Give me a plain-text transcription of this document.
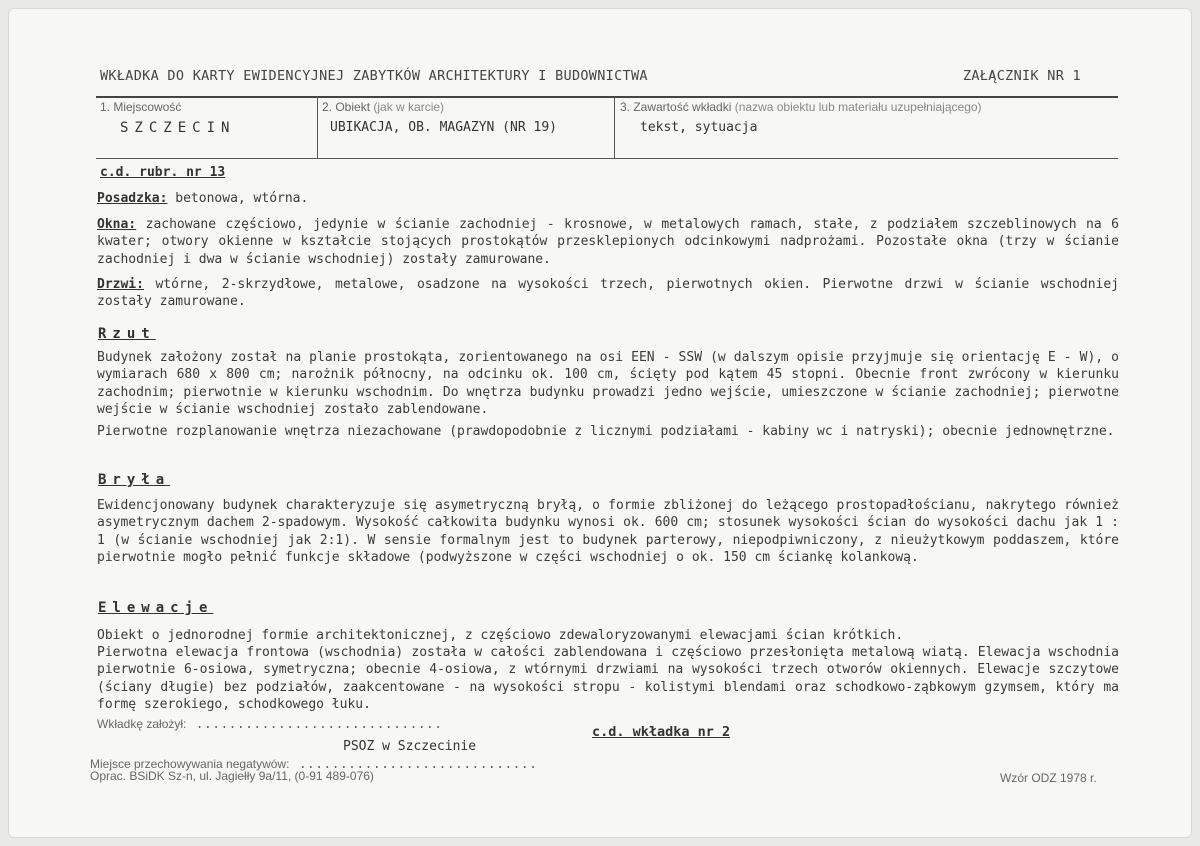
WKŁADKA DO KARTY EWIDENCYJNEJ ZABYTKÓW ARCHITEKTURY I BUDOWNICTWA	ZAŁĄCZNIK NR 1
1. Miejscowość
SZCZECIN
2. Obiekt (jak w karcie)
UBIKACJA, OB. MAGAZYN (NR 19)
3. Zawartość wkładki (nazwa obiektu lub materiału uzupełniającego)
tekst, sytuacja
c.d. rubr. nr 13
Posadzka: betonowa, wtórna.
Okna: zachowane częściowo, jedynie w ścianie zachodniej - krosnowe, w metalowych ramach, stałe, z podziałem szczeblinowych na 6 kwater; otwory okienne w kształcie stojących prostokątów przesklepionych odcinkowymi nadprożami. Pozostałe okna (trzy w ścianie zachodniej i dwa w ścianie wschodniej) zostały zamurowane.
Drzwi: wtórne, 2-skrzydłowe, metalowe, osadzone na wysokości trzech, pierwotnych okien. Pierwotne drzwi w ścianie wschodniej zostały zamurowane.
Rzut
Budynek założony został na planie prostokąta, zorientowanego na osi EEN - SSW (w dalszym opisie przyjmuje się orientację E - W), o wymiarach 680 x 800 cm; narożnik północny, na odcinku ok. 100 cm, ścięty pod kątem 45 stopni. Obecnie front zwrócony w kierunku zachodnim; pierwotnie w kierunku wschodnim. Do wnętrza budynku prowadzi jedno wejście, umieszczone w ścianie zachodniej; pierwotne wejście w ścianie wschodniej zostało zablendowane.
Pierwotne rozplanowanie wnętrza niezachowane (prawdopodobnie z licznymi podziałami - kabiny wc i natryski); obecnie jednownętrzne.
Bryła
Ewidencjonowany budynek charakteryzuje się asymetryczną bryłą, o formie zbliżonej do leżącego prostopadłościanu, nakrytego również asymetrycznym dachem 2-spadowym. Wysokość całkowita budynku wynosi ok. 600 cm; stosunek wysokości ścian do wysokości dachu jak 1 : 1 (w ścianie wschodniej jak 2:1). W sensie formalnym jest to budynek parterowy, niepodpiwniczony, z nieużytkowym poddaszem, które pierwotnie mogło pełnić funkcje składowe (podwyższone w części wschodniej o ok. 150 cm ściankę kolankową.
Elewacje
Obiekt o jednorodnej formie architektonicznej, z częściowo zdewaloryzowanymi elewacjami ścian krótkich.
Pierwotna elewacja frontowa (wschodnia) została w całości zablendowana i częściowo przesłonięta metalową wiatą. Elewacja wschodnia pierwotnie 6-osiowa, symetryczna; obecnie 4-osiowa, z wtórnymi drzwiami na wysokości trzech otworów okiennych. Elewacje szczytowe (ściany długie) bez podziałów, zaakcentowane - na wysokości stropu - kolistymi blendami oraz schodkowo-ząbkowym gzymsem, który ma formę szerokiego, schodkowego łuku.
Wkładkę założył: ..............................	c.d. wkładka nr 2
PSOZ w Szczecinie
Miejsce przechowywania negatywów: .............................
Oprac. BSiDK Sz-n, ul. Jagiełły 9a/11, (0-91 489-076)	Wzór ODZ 1978 r.
